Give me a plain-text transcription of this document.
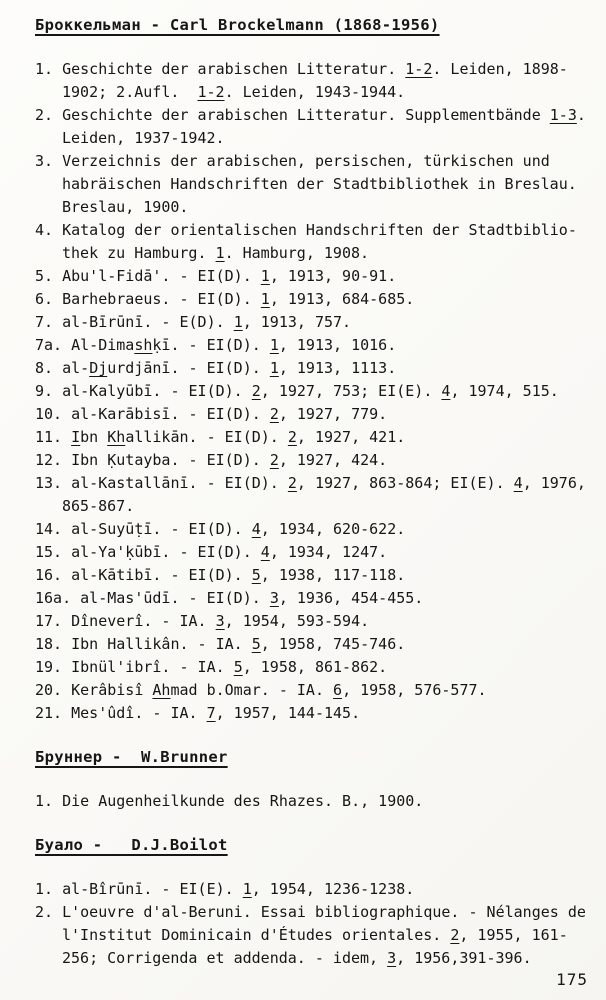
Броккельман - Carl Brockelmann (1868-1956)
1. Geschichte der arabischen Litteratur. 1-2. Leiden, 1898-
1902; 2.Aufl.  1-2. Leiden, 1943-1944.
2. Geschichte der arabischen Litteratur. Supplementbände 1-3.
Leiden, 1937-1942.
3. Verzeichnis der arabischen, persischen, türkischen und
habräischen Handschriften der Stadtbibliothek in Breslau.
Breslau, 1900.
4. Katalog der orientalischen Handschriften der Stadtbiblio-
thek zu Hamburg. 1. Hamburg, 1908.
5. Abu'l-Fidā'. - EI(D). 1, 1913, 90-91.
6. Barhebraeus. - EI(D). 1, 1913, 684-685.
7. al-Bīrūnī. - E(D). 1, 1913, 757.
7a. Al-Dimashḳī. - EI(D). 1, 1913, 1016.
8. al-Djurdjānī. - EI(D). 1, 1913, 1113.
9. al-Kalyūbī. - EI(D). 2, 1927, 753; EI(E). 4, 1974, 515.
10. al-Karābisī. - EI(D). 2, 1927, 779.
11. Ibn Khallikān. - EI(D). 2, 1927, 421.
12. Ibn Ḳutayba. - EI(D). 2, 1927, 424.
13. al-Kastallānī. - EI(D). 2, 1927, 863-864; EI(E). 4, 1976,
865-867.
14. al-Suyūṭī. - EI(D). 4, 1934, 620-622.
15. al-Ya'ḳūbī. - EI(D). 4, 1934, 1247.
16. al-Kātibī. - EI(D). 5, 1938, 117-118.
16a. al-Mas'ūdī. - EI(D). 3, 1936, 454-455.
17. Dîneverî. - IA. 3, 1954, 593-594.
18. Ibn Hallikân. - IA. 5, 1958, 745-746.
19. Ibnül'ibrî. - IA. 5, 1958, 861-862.
20. Kerâbisî Ahmad b.Omar. - IA. 6, 1958, 576-577.
21. Mes'ûdî. - IA. 7, 1957, 144-145.
Бруннер -  W.Brunner
1. Die Augenheilkunde des Rhazes. B., 1900.
Буало -   D.J.Boilot
1. al-Bîrūnī. - EI(E). 1, 1954, 1236-1238.
2. L'oeuvre d'al-Beruni. Essai bibliographique. - Nélanges de
l'Institut Dominicain d'Études orientales. 2, 1955, 161-
256; Corrigenda et addenda. - idem, 3, 1956,391-396.
175
